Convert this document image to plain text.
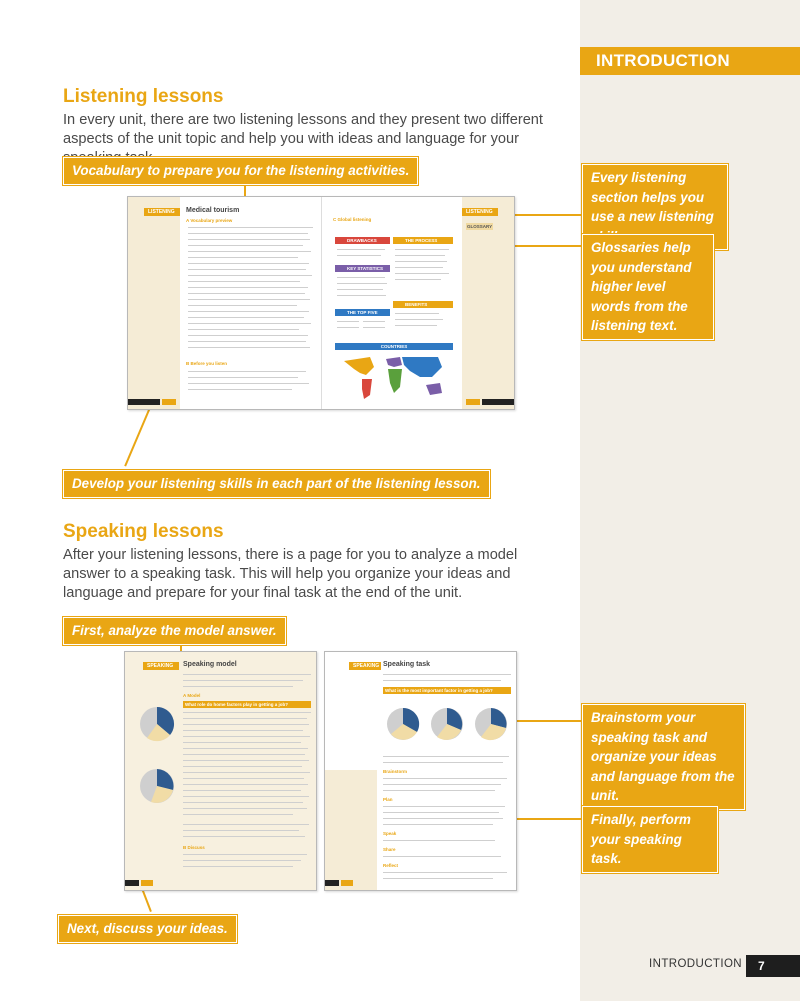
INTRODUCTION
Listening lessons
In every unit, there are two listening lessons and they present two different aspects of the unit topic and help you with ideas and language for your
Vocabulary to prepare you for the listening activities.	Every listening section helps you use a new listening
Glossaries help you understand higher level words from the listening text.
Develop your listening skills in each part of the listening lesson.
LISTENING	LISTENING
Medical tourism
A Vocabulary preview
B Before you listen
C Global listening
GLOSSARY
DRAWBACKS	THE PROCESS
KEY STATISTICS
BENEFITS
THE TOP FIVE
COUNTRIES
Speaking lessons
After your listening lessons, there is a page for you to analyze a model answer to a speaking task. This will help you organize your ideas and language and prepare for your final task at the end of the unit.
First, analyze the model answer.
Brainstorm your speaking task and organize your ideas and language from the unit.
Finally, perform your speaking task.
Next, discuss your ideas.
SPEAKING	Speaking model
A Model
What role do home factors play in getting a job?
B Discuss
SPEAKING Speaking task
What is the most important factor in getting a job?
Brainstorm
Plan
Speak
Share
Reflect
INTRODUCTION	7
